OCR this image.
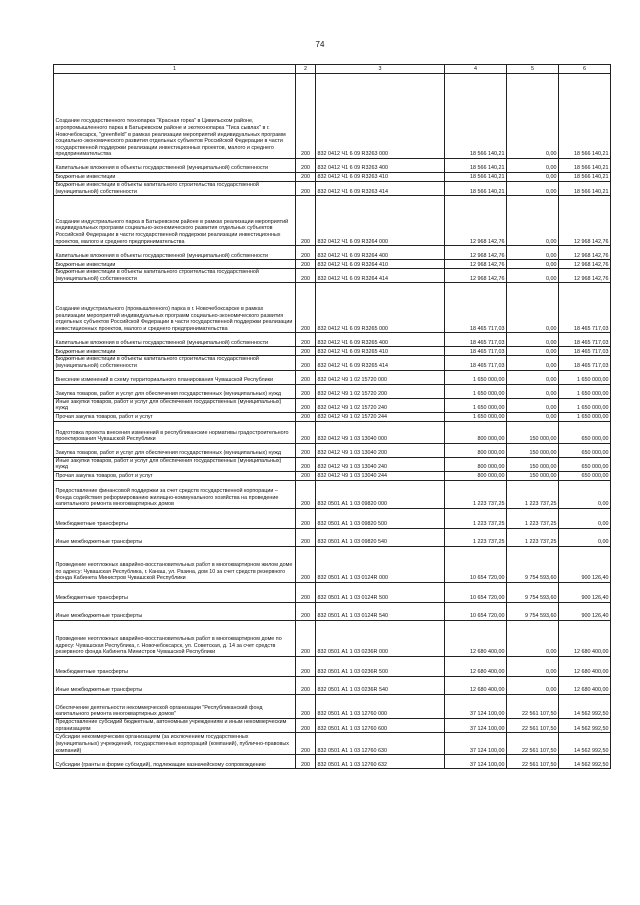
74
1	2	3	4	5	6
Создание государственного технопарка "Красная горка" в Цивильском районе, агропромышленного парка в Батыревском районе и экотехнопарка "Тиса сывлах" в г. Новочебоксарск, "greenfield" в рамках реализации мероприятий индивидуальных программ социально-экономического развития отдельных субъектов Российской Федерации в части государственной поддержки реализации инвестиционных проектов, малого и среднего предпринимательства	200	832 0412 Ч1 6 09 R3263 000	18 566 140,21	0,00	18 566 140,21
Капитальные вложения в объекты государственной (муниципальной) собственности	200	832 0412 Ч1 6 09 R3263 400	18 566 140,21	0,00	18 566 140,21
Бюджетные инвестиции	200	832 0412 Ч1 6 09 R3263 410	18 566 140,21	0,00	18 566 140,21
Бюджетные инвестиции в объекты капитального строительства государственной (муниципальной) собственности	200	832 0412 Ч1 6 09 R3263 414	18 566 140,21	0,00	18 566 140,21
Создание индустриального парка в Батыревском районе в рамках реализации мероприятий индивидуальных программ социально-экономического развития отдельных субъектов Российской Федерации в части государственной поддержки реализации инвестиционных проектов, малого и среднего предпринимательства	200	832 0412 Ч1 6 09 R3264 000	12 968 142,76	0,00	12 968 142,76
Капитальные вложения в объекты государственной (муниципальной) собственности	200	832 0412 Ч1 6 09 R3264 400	12 968 142,76	0,00	12 968 142,76
Бюджетные инвестиции	200	832 0412 Ч1 6 09 R3264 410	12 968 142,76	0,00	12 968 142,76
Бюджетные инвестиции в объекты капитального строительства государственной (муниципальной) собственности	200	832 0412 Ч1 6 09 R3264 414	12 968 142,76	0,00	12 968 142,76
Создание индустриального (промышленного) парка в г. Новочебоксарске в рамках реализации мероприятий индивидуальных программ социально-экономического развития отдельных субъектов Российской Федерации в части государственной поддержки реализации инвестиционных проектов, малого и среднего предпринимательства	200	832 0412 Ч1 6 09 R3265 000	18 465 717,03	0,00	18 465 717,03
Капитальные вложения в объекты государственной (муниципальной) собственности	200	832 0412 Ч1 6 09 R3265 400	18 465 717,03	0,00	18 465 717,03
Бюджетные инвестиции	200	832 0412 Ч1 6 09 R3265 410	18 465 717,03	0,00	18 465 717,03
Бюджетные инвестиции в объекты капитального строительства государственной (муниципальной) собственности	200	832 0412 Ч1 6 09 R3265 414	18 465 717,03	0,00	18 465 717,03
Внесение изменений в схему территориального планирования Чувашской Республики	200	832 0412 Ч9 1 02 15720 000	1 650 000,00	0,00	1 650 000,00
Закупка товаров, работ и услуг для обеспечения государственных (муниципальных) нужд	200	832 0412 Ч9 1 02 15720 200	1 650 000,00	0,00	1 650 000,00
Иные закупки товаров, работ и услуг для обеспечения государственных (муниципальных) нужд	200	832 0412 Ч9 1 02 15720 240	1 650 000,00	0,00	1 650 000,00
Прочая закупка товаров, работ и услуг	200	832 0412 Ч9 1 02 15720 244	1 650 000,00	0,00	1 650 000,00
Подготовка проекта внесения изменений в республиканские нормативы градостроительного проектирования Чувашской Республики	200	832 0412 Ч9 1 03 13040 000	800 000,00	150 000,00	650 000,00
Закупка товаров, работ и услуг для обеспечения государственных (муниципальных) нужд	200	832 0412 Ч9 1 03 13040 200	800 000,00	150 000,00	650 000,00
Иные закупки товаров, работ и услуг для обеспечения государственных (муниципальных) нужд	200	832 0412 Ч9 1 03 13040 240	800 000,00	150 000,00	650 000,00
Прочая закупка товаров, работ и услуг	200	832 0412 Ч9 1 03 13040 244	800 000,00	150 000,00	650 000,00
Предоставление финансовой поддержки за счет средств государственной корпорации – Фонда содействия реформированию жилищно-коммунального хозяйства на проведение капитального ремонта многоквартирных домов	200	832 0501 А1 1 03 09820 000	1 223 737,25	1 223 737,25	0,00
Межбюджетные трансферты	200	832 0501 А1 1 03 09820 500	1 223 737,25	1 223 737,25	0,00
Иные межбюджетные трансферты	200	832 0501 А1 1 03 09820 540	1 223 737,25	1 223 737,25	0,00
Проведение неотложных аварийно-восстановительных работ в многоквартирном жилом доме по адресу: Чувашская Республика, г. Канаш, ул. Разина, дом 10 за счет средств резервного фонда Кабинета Министров Чувашской Республики	200	832 0501 А1 1 03 0124R 000	10 654 720,00	9 754 593,60	900 126,40
Межбюджетные трансферты	200	832 0501 А1 1 03 0124R 500	10 654 720,00	9 754 593,60	900 126,40
Иные межбюджетные трансферты	200	832 0501 А1 1 03 0124R 540	10 654 720,00	9 754 593,60	900 126,40
Проведение неотложных аварийно-восстановительных работ в многоквартирном доме по адресу: Чувашская Республика, г. Новочебоксарск, ул. Советская, д. 14 за счет средств резервного фонда Кабинета Министров Чувашской Республики	200	832 0501 А1 1 03 0236R 000	12 680 400,00	0,00	12 680 400,00
Межбюджетные трансферты	200	832 0501 А1 1 03 0236R 500	12 680 400,00	0,00	12 680 400,00
Иные межбюджетные трансферты	200	832 0501 А1 1 03 0236R 540	12 680 400,00	0,00	12 680 400,00
Обеспечение деятельности некоммерческой организации "Республиканский фонд капитального ремонта многоквартирных домов"	200	832 0501 А1 1 03 12760 000	37 124 100,00	22 561 107,50	14 562 992,50
Предоставление субсидий бюджетным, автономным учреждениям и иным некоммерческим организациям	200	832 0501 А1 1 03 12760 600	37 124 100,00	22 561 107,50	14 562 992,50
Субсидии некоммерческим организациям (за исключением государственных (муниципальных) учреждений, государственных корпораций (компаний), публично-правовых компаний)	200	832 0501 А1 1 03 12760 630	37 124 100,00	22 561 107,50	14 562 992,50
Субсидии (гранты в форме субсидий), подлежащие казначейскому сопровождению	200	832 0501 А1 1 03 12760 632	37 124 100,00	22 561 107,50	14 562 992,50
